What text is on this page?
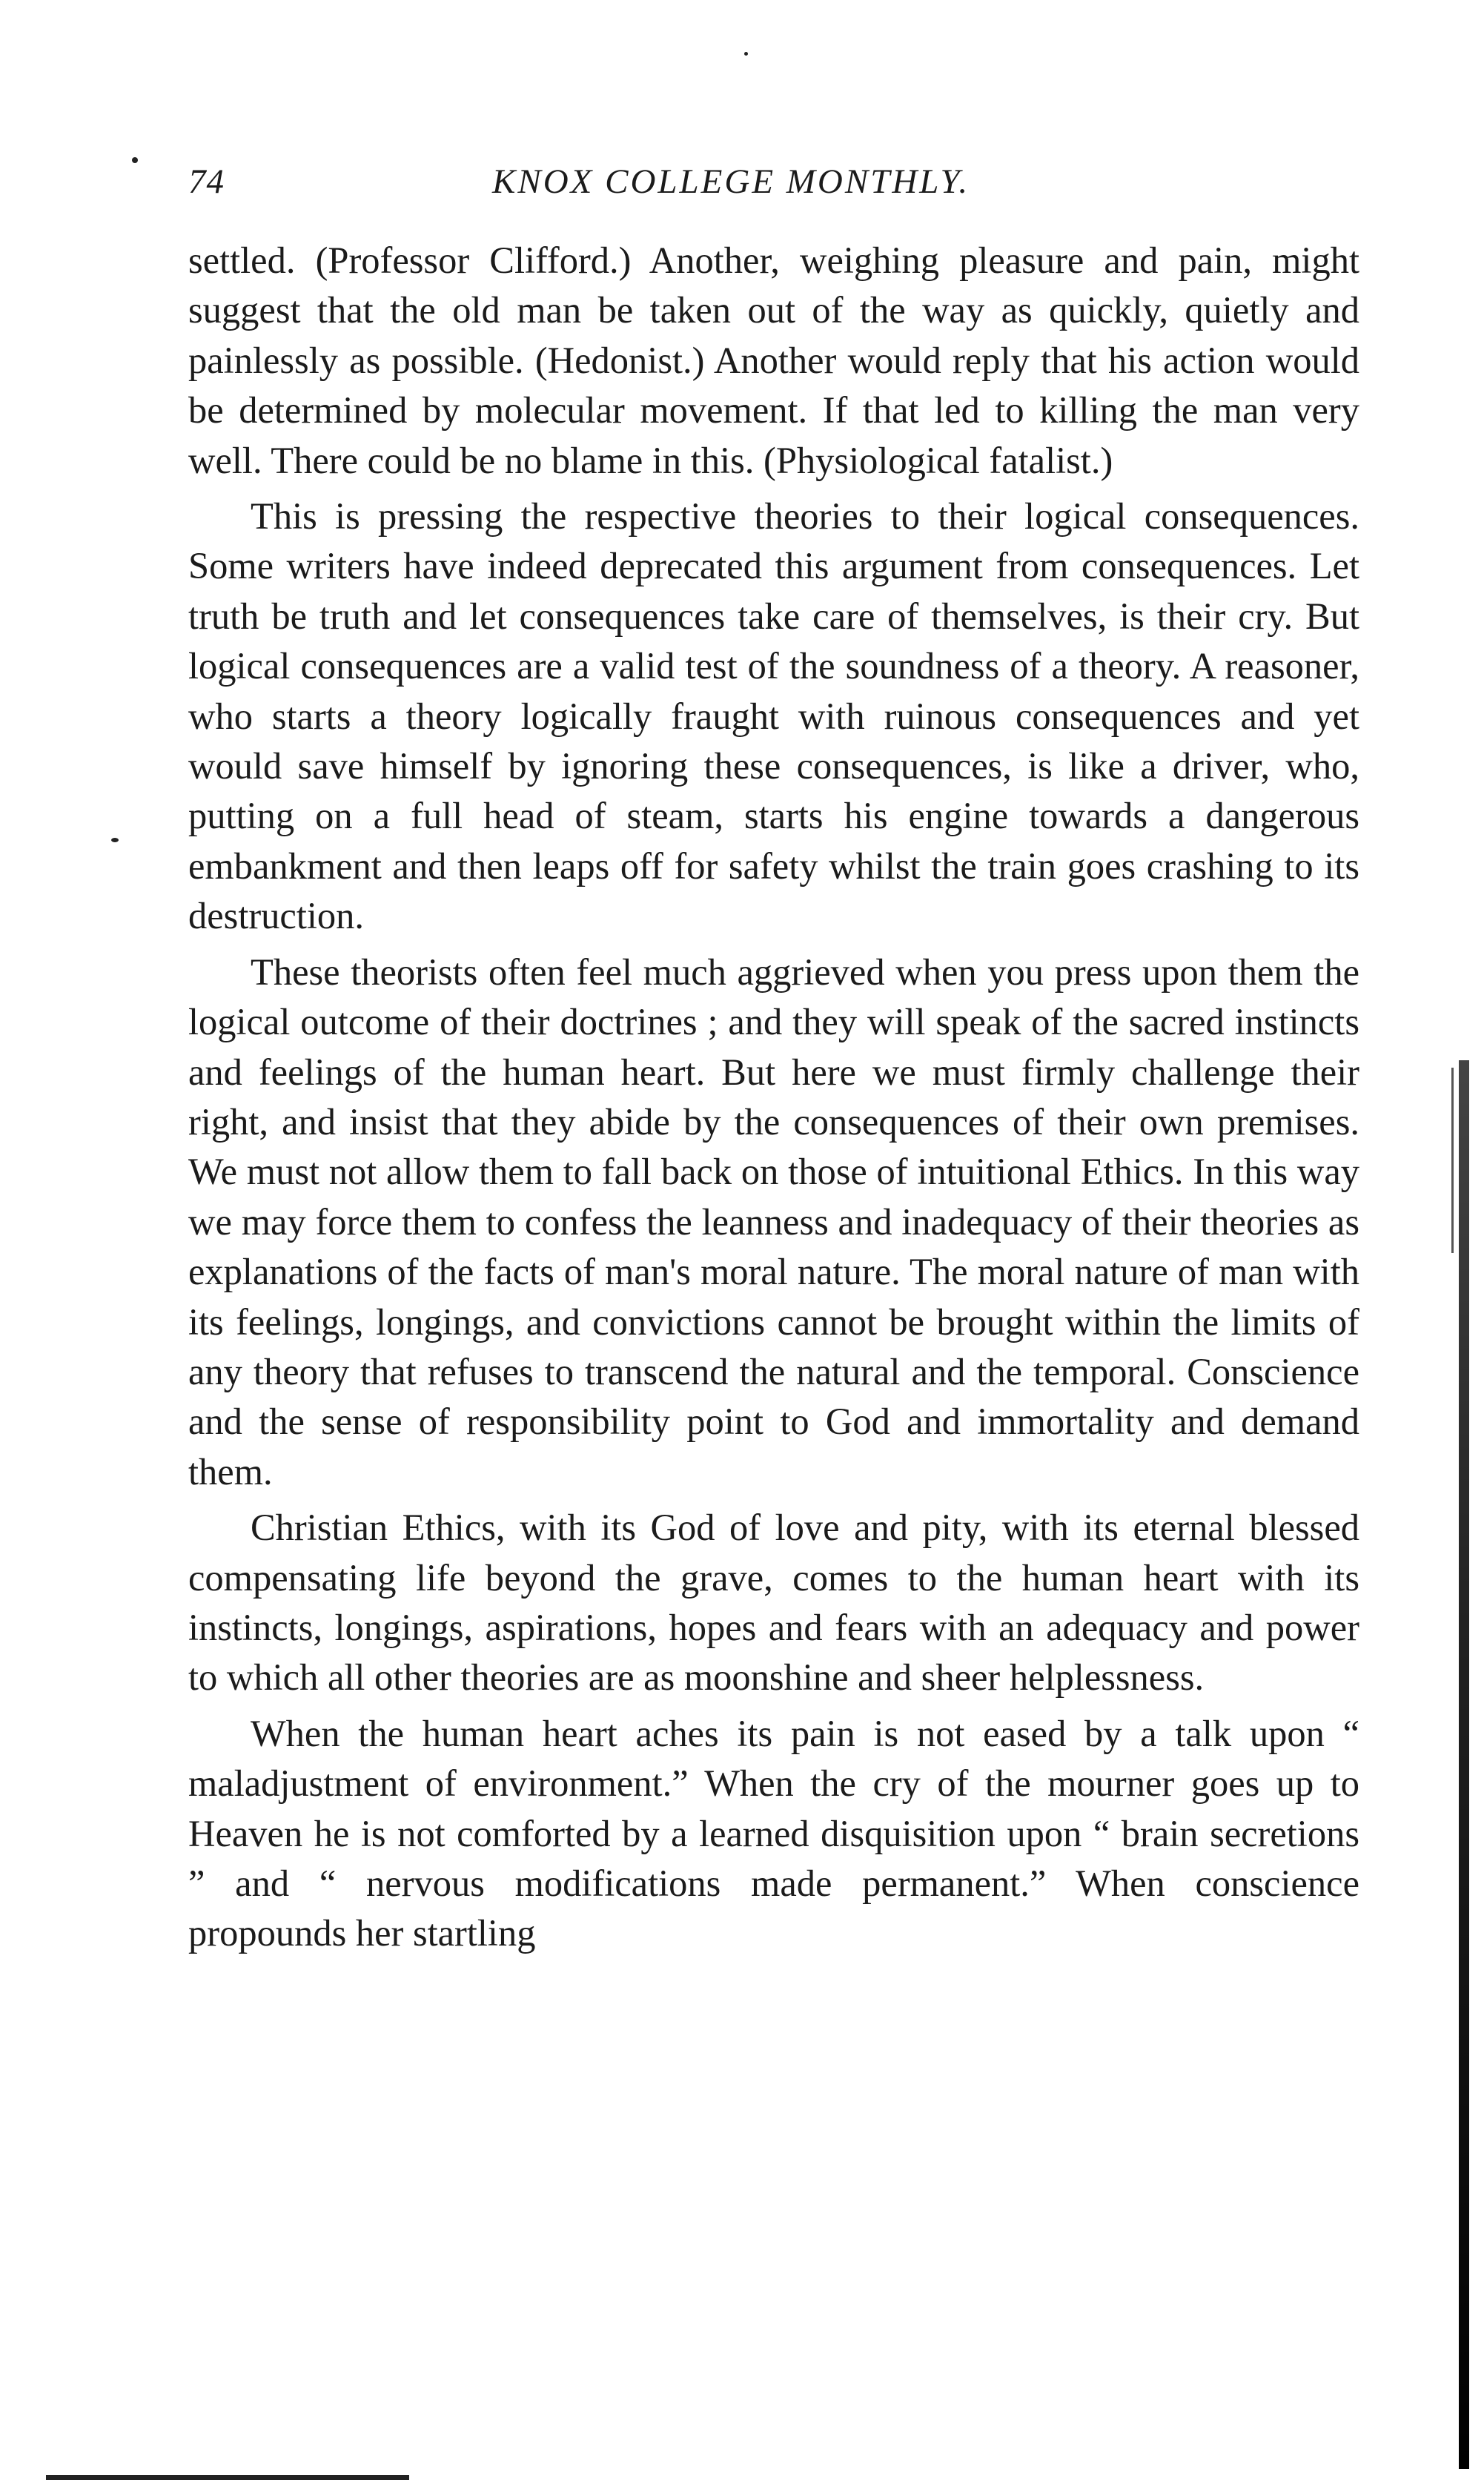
74	KNOX COLLEGE MONTHLY.

settled. (Professor Clifford.) Another, weighing pleasure and pain, might suggest that the old man be taken out of the way as quickly, quietly and painlessly as possible. (Hedonist.) Another would reply that his action would be determined by molecular movement. If that led to killing the man very well. There could be no blame in this. (Physiological fatalist.)

This is pressing the respective theories to their logical consequences. Some writers have indeed deprecated this argument from consequences. Let truth be truth and let consequences take care of themselves, is their cry. But logical consequences are a valid test of the soundness of a theory. A reasoner, who starts a theory logically fraught with ruinous consequences and yet would save himself by ignoring these consequences, is like a driver, who, putting on a full head of steam, starts his engine towards a dangerous embankment and then leaps off for safety whilst the train goes crashing to its destruction.

These theorists often feel much aggrieved when you press upon them the logical outcome of their doctrines ; and they will speak of the sacred instincts and feelings of the human heart. But here we must firmly challenge their right, and insist that they abide by the consequences of their own premises. We must not allow them to fall back on those of intuitional Ethics. In this way we may force them to confess the leanness and inadequacy of their theories as explanations of the facts of man's moral nature. The moral nature of man with its feelings, longings, and convictions cannot be brought within the limits of any theory that refuses to transcend the natural and the temporal. Conscience and the sense of responsibility point to God and immortality and demand them.

Christian Ethics, with its God of love and pity, with its eternal blessed compensating life beyond the grave, comes to the human heart with its instincts, longings, aspirations, hopes and fears with an adequacy and power to which all other theories are as moonshine and sheer helplessness.

When the human heart aches its pain is not eased by a talk upon “ maladjustment of environment.” When the cry of the mourner goes up to Heaven he is not comforted by a learned disquisition upon “ brain secretions ” and “ nervous modifications made permanent.” When conscience propounds her startling
